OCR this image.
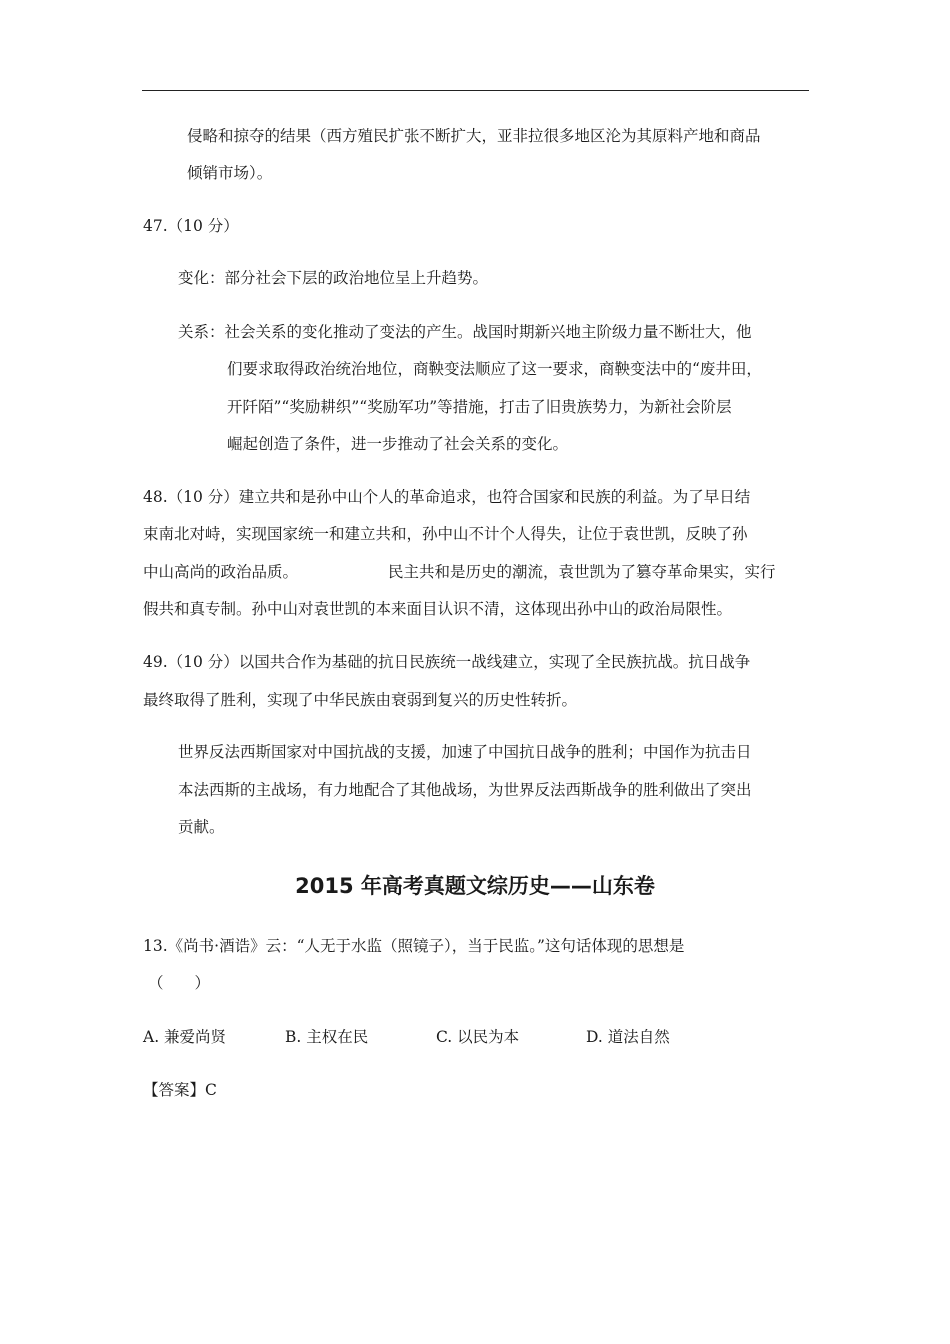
侵略和掠夺的结果（西方殖民扩张不断扩大，亚非拉很多地区沦为其原料产地和商品
倾销市场）。
47.（10 分）
变化：部分社会下层的政治地位呈上升趋势。
关系：社会关系的变化推动了变法的产生。战国时期新兴地主阶级力量不断壮大，他
们要求取得政治统治地位，商鞅变法顺应了这一要求，商鞅变法中的“废井田，
开阡陌”“奖励耕织”“奖励军功”等措施，打击了旧贵族势力，为新社会阶层
崛起创造了条件，进一步推动了社会关系的变化。
48.（10 分）建立共和是孙中山个人的革命追求，也符合国家和民族的利益。为了早日结
束南北对峙，实现国家统一和建立共和，孙中山不计个人得失，让位于袁世凯，反映了孙
中山高尚的政治品质。	民主共和是历史的潮流，袁世凯为了篡夺革命果实，实行
假共和真专制。孙中山对袁世凯的本来面目认识不清，这体现出孙中山的政治局限性。
49.（10 分）以国共合作为基础的抗日民族统一战线建立，实现了全民族抗战。抗日战争
最终取得了胜利，实现了中华民族由衰弱到复兴的历史性转折。
世界反法西斯国家对中国抗战的支援，加速了中国抗日战争的胜利；中国作为抗击日
本法西斯的主战场，有力地配合了其他战场，为世界反法西斯战争的胜利做出了突出
贡献。
2015 年高考真题文综历史——山东卷
13.《尚书·酒诰》云：“人无于水监（照镜子），当于民监。”这句话体现的思想是
（　　）
A. 兼爱尚贤	B. 主权在民	C. 以民为本	D. 道法自然
【答案】C
